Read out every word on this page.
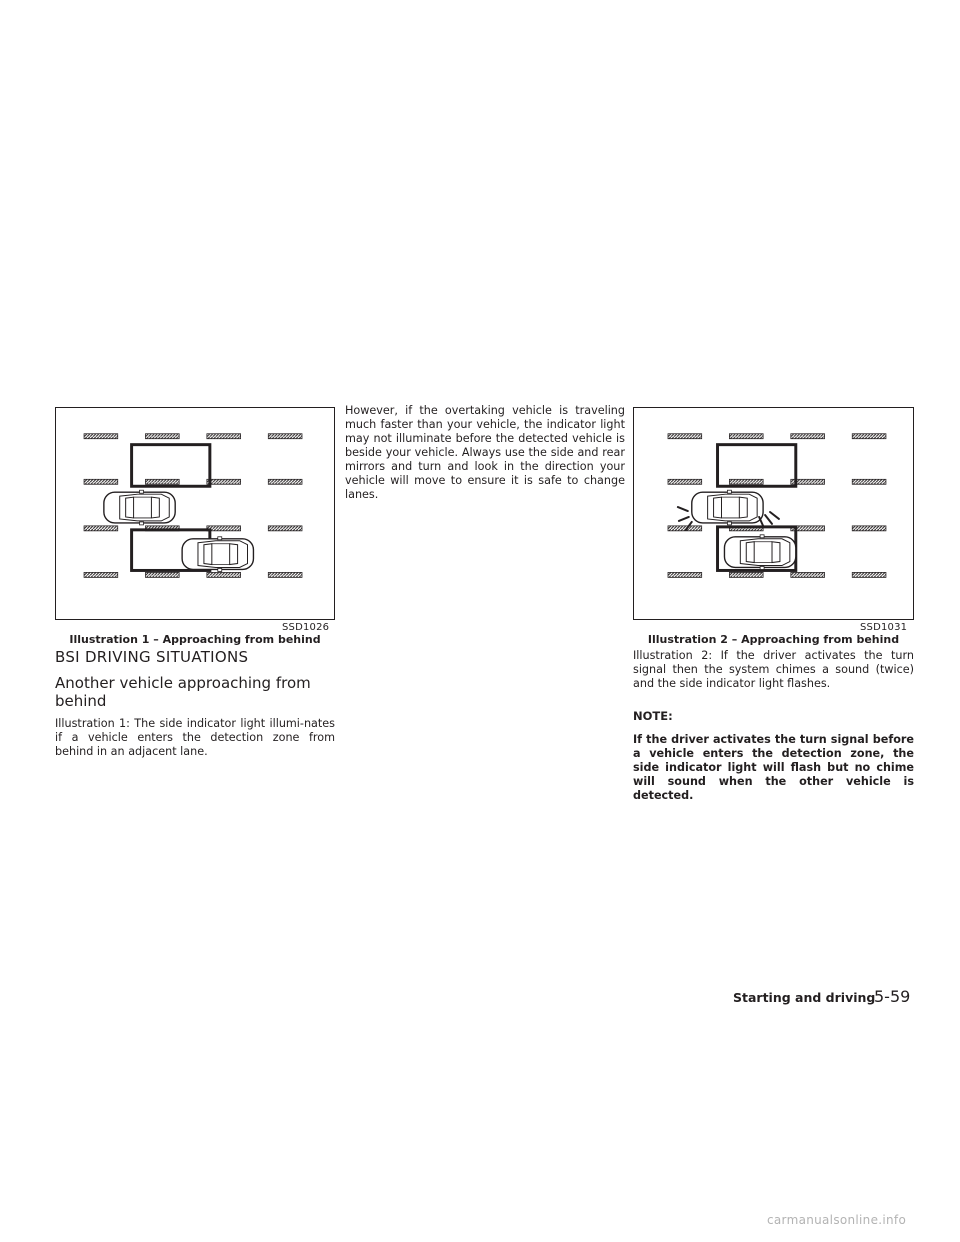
SSD1026
Illustration 1 – Approaching from behind
SSD1031
Illustration 2 – Approaching from behind
BSI DRIVING SITUATIONS
Another vehicle approaching from behind
Illustration 1: The side indicator light illumi-nates if a vehicle enters the detection zone from behind in an adjacent lane.
However, if the overtaking vehicle is traveling much faster than your vehicle, the indicator light may not illuminate before the detected vehicle is beside your vehicle. Always use the side and rear mirrors and turn and look in the direction your vehicle will move to ensure it is safe to change lanes.
Illustration 2: If the driver activates the turn signal then the system chimes a sound (twice) and the side indicator light flashes.
NOTE:
If the driver activates the turn signal before a vehicle enters the detection zone, the side indicator light will flash but no chime will sound when the other vehicle is detected.
Starting and driving
5-59
carmanualsonline.info
